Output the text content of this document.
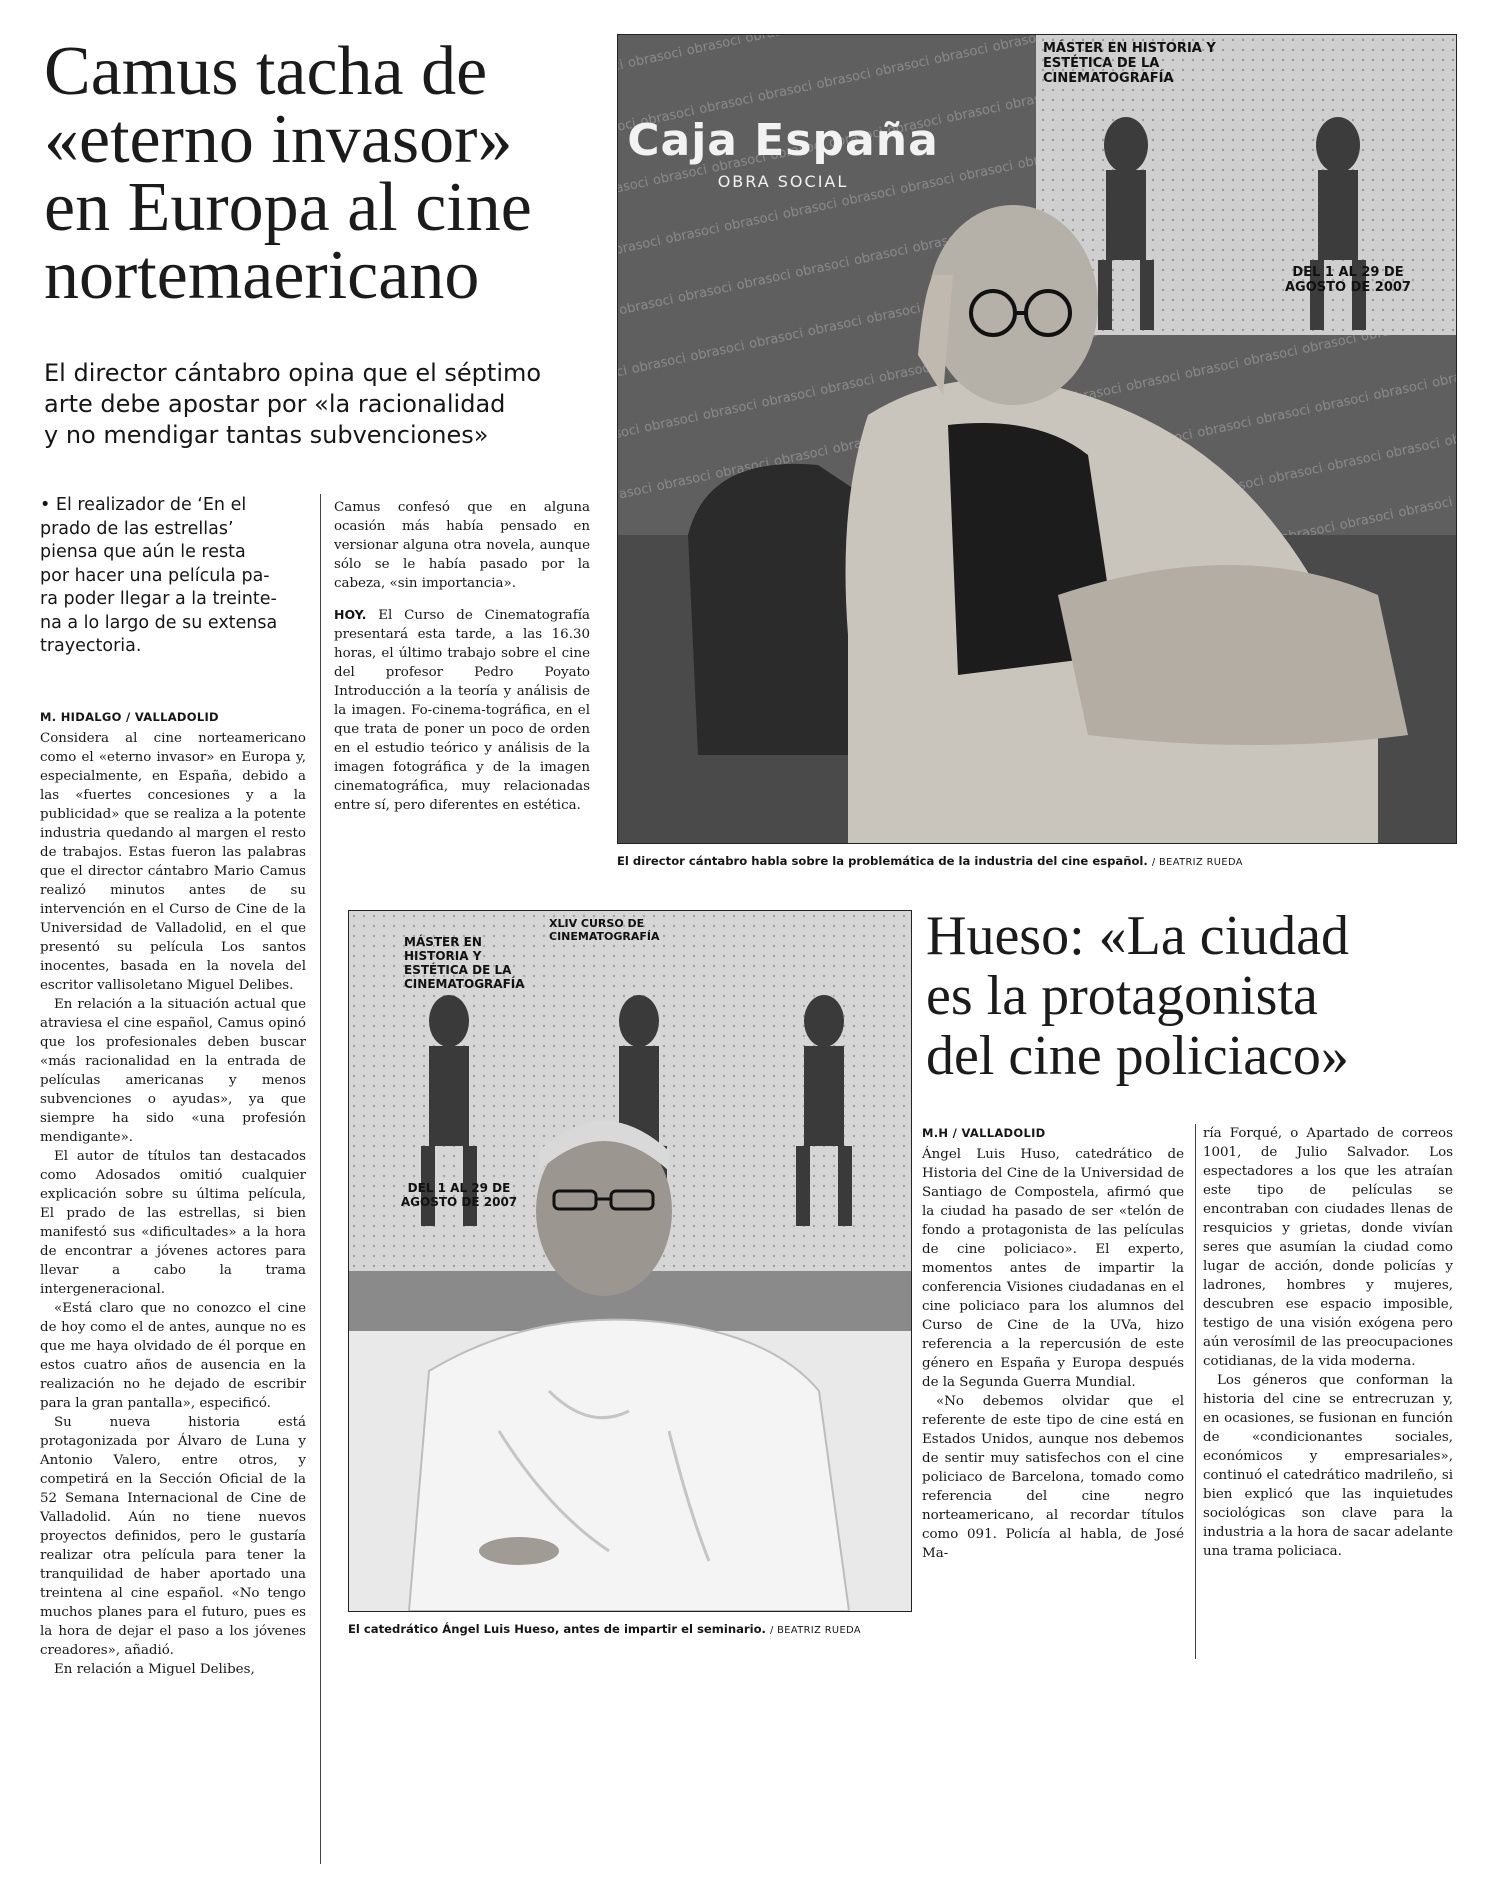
Camus tacha de
«eterno invasor»
en Europa al cine
nortemaericano
El director cántabro opina que el séptimo
arte debe apostar por «la racionalidad
y no mendigar tantas subvenciones»
• El realizador de ‘En el
prado de las estrellas’
piensa que aún le resta
por hacer una película pa-
ra poder llegar a la treinte-
na a lo largo de su extensa
trayectoria.
M. HIDALGO / VALLADOLID

Considera al cine norteamericano como el «eterno invasor» en Europa y, especialmente, en España, debido a las «fuertes concesiones y a la publicidad» que se realiza a la potente industria quedando al margen el resto de trabajos. Estas fueron las palabras que el director cántabro Mario Camus realizó minutos antes de su intervención en el Curso de Cine de la Universidad de Valladolid, en el que presentó su película Los santos inocentes, basada en la novela del escritor vallisoletano Miguel Delibes.

En relación a la situación actual que atraviesa el cine español, Camus opinó que los profesionales deben buscar «más racionalidad en la entrada de películas americanas y menos subvenciones o ayudas», ya que siempre ha sido «una profesión mendigante».

El autor de títulos tan destacados como Adosados omitió cualquier explicación sobre su última película, El prado de las estrellas, si bien manifestó sus «dificultades» a la hora de encontrar a jóvenes actores para llevar a cabo la trama intergeneracional.

«Está claro que no conozco el cine de hoy como el de antes, aunque no es que me haya olvidado de él porque en estos cuatro años de ausencia en la realización no he dejado de escribir para la gran pantalla», especificó.

Su nueva historia está protagonizada por Álvaro de Luna y Antonio Valero, entre otros, y competirá en la Sección Oficial de la 52 Semana Internacional de Cine de Valladolid. Aún no tiene nuevos proyectos definidos, pero le gustaría realizar otra película para tener la tranquilidad de haber aportado una treintena al cine español. «No tengo muchos planes para el futuro, pues es la hora de dejar el paso a los jóvenes creadores», añadió.

En relación a Miguel Delibes,

Camus confesó que en alguna ocasión más había pensado en versionar alguna otra novela, aunque sólo se le había pasado por la cabeza, «sin importancia».

HOY. El Curso de Cinematografía presentará esta tarde, a las 16.30 horas, el último trabajo sobre el cine del profesor Pedro Poyato Introducción a la teoría y análisis de la imagen. Fo-cinema-tográfica, en el que trata de poner un poco de orden en el estudio teórico y análisis de la imagen fotográfica y de la imagen cinematográfica, muy relacionadas entre sí, pero diferentes en estética.

Caja España
OBRA SOCIAL
MÁSTER EN HISTORIA Y ESTÉTICA DE LA CINEMATOGRAFÍA
DEL 1 AL 29 DE AGOSTO DE 2007
El director cántabro habla sobre la problemática de la industria del cine español. / BEATRIZ RUEDA
XLIV CURSO DE CINEMATOGRAFÍA
MÁSTER EN HISTORIA Y ESTÉTICA DE LA CINEMATOGRAFÍA
DEL 1 AL 29 DE AGOSTO DE 2007
El catedrático Ángel Luis Hueso, antes de impartir el seminario. / BEATRIZ RUEDA
Hueso: «La ciudad
es la protagonista
del cine policiaco»
M.H / VALLADOLID

Ángel Luis Huso, catedrático de Historia del Cine de la Universidad de Santiago de Compostela, afirmó que la ciudad ha pasado de ser «telón de fondo a protagonista de las películas de cine policiaco». El experto, momentos antes de impartir la conferencia Visiones ciudadanas en el cine policiaco para los alumnos del Curso de Cine de la UVa, hizo referencia a la repercusión de este género en España y Europa después de la Segunda Guerra Mundial.

«No debemos olvidar que el referente de este tipo de cine está en Estados Unidos, aunque nos debemos de sentir muy satisfechos con el cine policiaco de Barcelona, tomado como referencia del cine negro norteamericano, al recordar títulos como 091. Policía al habla, de José Ma-

ría Forqué, o Apartado de correos 1001, de Julio Salvador. Los espectadores a los que les atraían este tipo de películas se encontraban con ciudades llenas de resquicios y grietas, donde vivían seres que asumían la ciudad como lugar de acción, donde policías y ladrones, hombres y mujeres, descubren ese espacio imposible, testigo de una visión exógena pero aún verosímil de las preocupaciones cotidianas, de la vida moderna.

Los géneros que conforman la historia del cine se entrecruzan y, en ocasiones, se fusionan en función de «condicionantes sociales, económicos y empresariales», continuó el catedrático madrileño, si bien explicó que las inquietudes sociológicas son clave para la industria a la hora de sacar adelante una trama policiaca.
